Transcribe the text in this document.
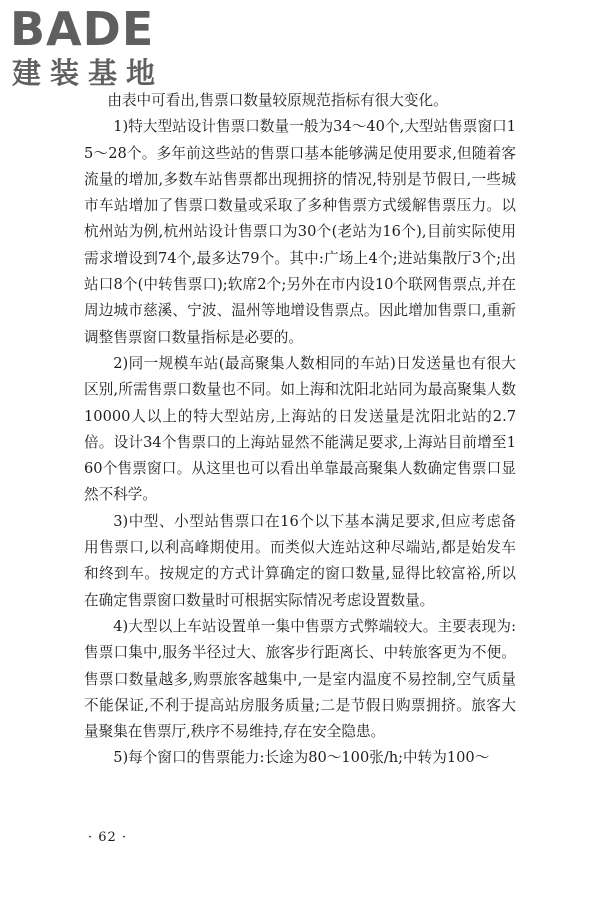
BADE
建装基地

由表中可看出,售票口数量较原规范指标有很大变化。

1)特大型站设计售票口数量一般为34～40个,大型站售票窗口15～28个。多年前这些站的售票口基本能够满足使用要求,但随着客流量的增加,多数车站售票都出现拥挤的情况,特别是节假日,一些城市车站增加了售票口数量或采取了多种售票方式缓解售票压力。以杭州站为例,杭州站设计售票口为30个(老站为16个),目前实际使用需求增设到74个,最多达79个。其中:广场上4个;进站集散厅3个;出站口8个(中转售票口);软席2个;另外在市内设10个联网售票点,并在周边城市慈溪、宁波、温州等地增设售票点。因此增加售票口,重新调整售票窗口数量指标是必要的。

2)同一规模车站(最高聚集人数相同的车站)日发送量也有很大区别,所需售票口数量也不同。如上海和沈阳北站同为最高聚集人数10000人以上的特大型站房,上海站的日发送量是沈阳北站的2.7倍。设计34个售票口的上海站显然不能满足要求,上海站目前增至160个售票窗口。从这里也可以看出单靠最高聚集人数确定售票口显然不科学。

3)中型、小型站售票口在16个以下基本满足要求,但应考虑备用售票口,以利高峰期使用。而类似大连站这种尽端站,都是始发车和终到车。按规定的方式计算确定的窗口数量,显得比较富裕,所以在确定售票窗口数量时可根据实际情况考虑设置数量。

4)大型以上车站设置单一集中售票方式弊端较大。主要表现为:售票口集中,服务半径过大、旅客步行距离长、中转旅客更为不便。售票口数量越多,购票旅客越集中,一是室内温度不易控制,空气质量不能保证,不利于提高站房服务质量;二是节假日购票拥挤。旅客大量聚集在售票厅,秩序不易维持,存在安全隐患。

5)每个窗口的售票能力:长途为80～100张/h;中转为100～

· 62 ·
